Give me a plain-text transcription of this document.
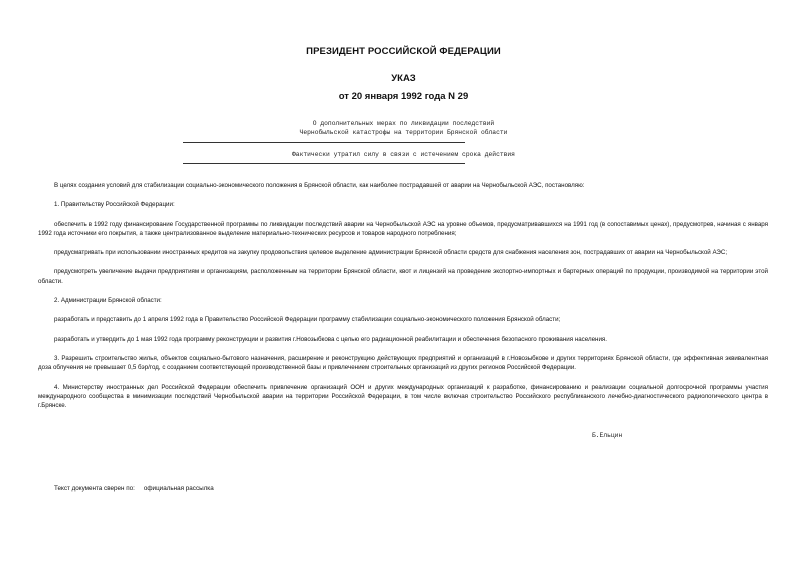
ПРЕЗИДЕНТ РОССИЙСКОЙ ФЕДЕРАЦИИ
УКАЗ
от 20 января 1992 года N 29
О дополнительных мерах по ликвидации последствий
Чернобыльской катастрофы на территории Брянской области
Фактически утратил силу в связи с истечением срока действия

В целях создания условий для стабилизации социально-экономического положения в Брянской области, как наиболее пострадавшей от аварии на Чернобыльской АЭС, постановляю:

1. Правительству Российской Федерации:

обеспечить в 1992 году финансирование Государственной программы по ликвидации последствий аварии на Чернобыльской АЭС на уровне объемов, предусматривавшихся на 1991 год (в сопоставимых ценах), предусмотрев, начиная с января 1992 года источники его покрытия, а также централизованное выделение материально-технических ресурсов и товаров народного потребления;

предусматривать при использовании иностранных кредитов на закупку продовольствия целевое выделение администрации Брянской области средств для снабжения населения зон, пострадавших от аварии на Чернобыльской АЭС;

предусмотреть увеличение выдачи предприятиям и организациям, расположенным на территории Брянской области, квот и лицензий на проведение экспортно-импортных и бартерных операций по продукции, производимой на территории этой области.

2. Администрации Брянской области:

разработать и представить до 1 апреля 1992 года в Правительство Российской Федерации программу стабилизации социально-экономического положения Брянской области;

разработать и утвердить до 1 мая 1992 года программу реконструкции и развития г.Новозыбкова с целью его радиационной реабилитации и обеспечения безопасного проживания населения.

3. Разрешить строительство жилья, объектов социально-бытового назначения, расширение и реконструкцию действующих предприятий и организаций в г.Новозыбкове и других территориях Брянской области, где эффективная эквивалентная доза облучения не превышает 0,5 бэр/год, с созданием соответствующей производственной базы и привлечением строительных организаций из других регионов Российской Федерации.

4. Министерству иностранных дел Российской Федерации обеспечить привлечение организаций ООН и других международных организаций к разработке, финансированию и реализации социальной долгосрочной программы участия международного сообщества в минимизации последствий Чернобыльской аварии на территории Российской Федерации, в том числе включая строительство Российского республиканского лечебно-диагностического радиологического центра в г.Брянске.

Б.Ельцин
Текст документа сверен по: официальная рассылка
